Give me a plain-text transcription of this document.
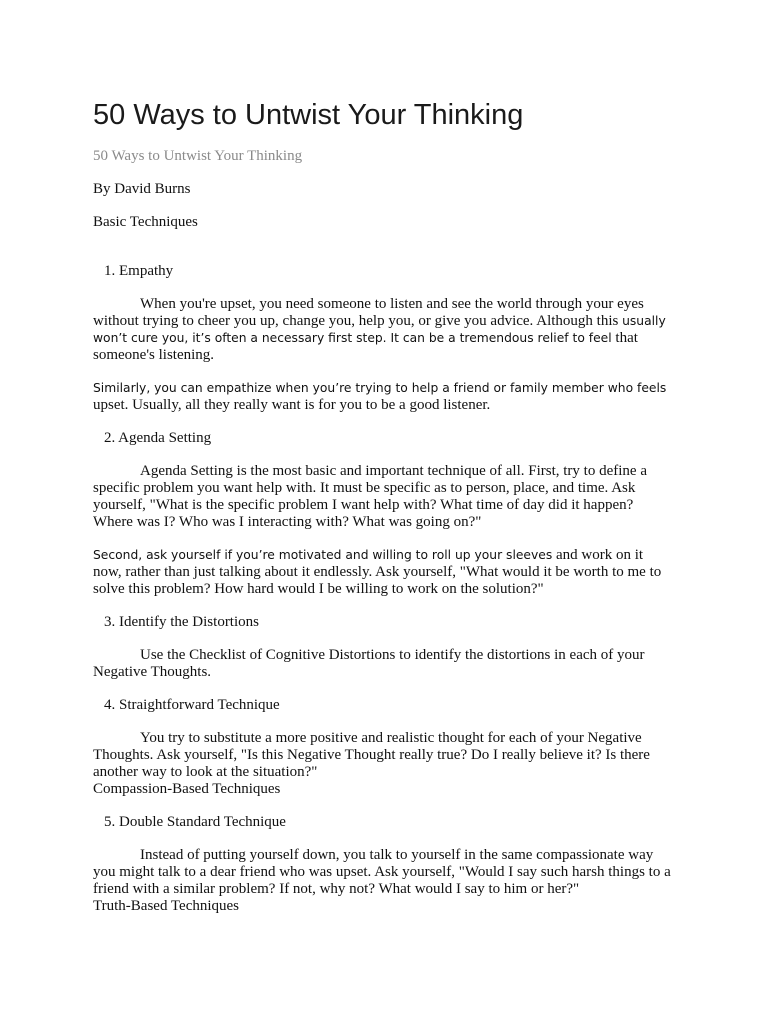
50 Ways to Untwist Your Thinking

50 Ways to Untwist Your Thinking

By David Burns

Basic Techniques

1. Empathy

When you're upset, you need someone to listen and see the world through your eyes without trying to cheer you up, change you, help you, or give you advice. Although this usually won’t cure you, it’s often a necessary first step. It can be a tremendous relief to feel that someone's listening.

Similarly, you can empathize when you’re trying to help a friend or family member who feels upset. Usually, all they really want is for you to be a good listener.

2. Agenda Setting

Agenda Setting is the most basic and important technique of all. First, try to define a specific problem you want help with. It must be specific as to person, place, and time. Ask yourself, "What is the specific problem I want help with? What time of day did it happen? Where was I? Who was I interacting with? What was going on?"

Second, ask yourself if you’re motivated and willing to roll up your sleeves and work on it now, rather than just talking about it endlessly. Ask yourself, "What would it be worth to me to solve this problem? How hard would I be willing to work on the solution?"

3. Identify the Distortions

Use the Checklist of Cognitive Distortions to identify the distortions in each of your Negative Thoughts.

4. Straightforward Technique

You try to substitute a more positive and realistic thought for each of your Negative Thoughts. Ask yourself, "Is this Negative Thought really true? Do I really believe it? Is there another way to look at the situation?"

Compassion-Based Techniques

5. Double Standard Technique

Instead of putting yourself down, you talk to yourself in the same compassionate way you might talk to a dear friend who was upset. Ask yourself, "Would I say such harsh things to a friend with a similar problem? If not, why not? What would I say to him or her?"

Truth-Based Techniques
